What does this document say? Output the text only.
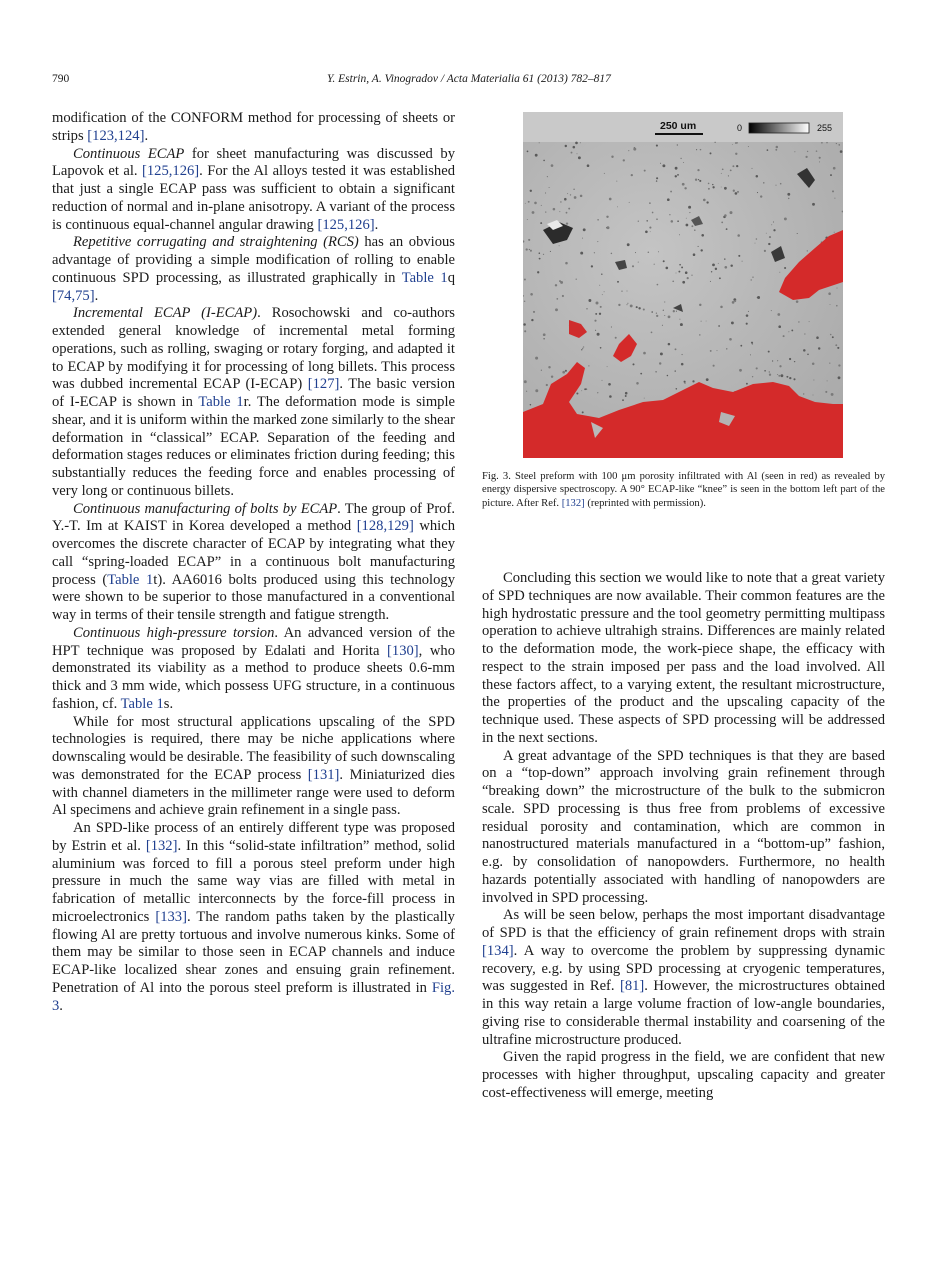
790	Y. Estrin, A. Vinogradov / Acta Materialia 61 (2013) 782–817

modification of the CONFORM method for processing of sheets or strips [123,124].

Continuous ECAP for sheet manufacturing was discussed by Lapovok et al. [125,126]. For the Al alloys tested it was established that just a single ECAP pass was sufficient to obtain a significant reduction of normal and in-plane anisotropy. A variant of the process is continuous equal-channel angular drawing [125,126].

Repetitive corrugating and straightening (RCS) has an obvious advantage of providing a simple modification of rolling to enable continuous SPD processing, as illustrated graphically in Table 1q [74,75].

Incremental ECAP (I-ECAP). Rosochowski and co-authors extended general knowledge of incremental metal forming operations, such as rolling, swaging or rotary forging, and adapted it to ECAP by modifying it for processing of long billets. This process was dubbed incremental ECAP (I-ECAP) [127]. The basic version of I-ECAP is shown in Table 1r. The deformation mode is simple shear, and it is uniform within the marked zone similarly to the shear deformation in “classical” ECAP. Separation of the feeding and deformation stages reduces or eliminates friction during feeding; this substantially reduces the feeding force and enables processing of very long or continuous billets.

Continuous manufacturing of bolts by ECAP. The group of Prof. Y.-T. Im at KAIST in Korea developed a method [128,129] which overcomes the discrete character of ECAP by integrating what they call “spring-loaded ECAP” in a continuous bolt manufacturing process (Table 1t). AA6016 bolts produced using this technology were shown to be superior to those manufactured in a conventional way in terms of their tensile strength and fatigue strength.

Continuous high-pressure torsion. An advanced version of the HPT technique was proposed by Edalati and Horita [130], who demonstrated its viability as a method to produce sheets 0.6-mm thick and 3 mm wide, which possess UFG structure, in a continuous fashion, cf. Table 1s.

While for most structural applications upscaling of the SPD technologies is required, there may be niche applications where downscaling would be desirable. The feasibility of such downscaling was demonstrated for the ECAP process [131]. Miniaturized dies with channel diameters in the millimeter range were used to deform Al specimens and achieve grain refinement in a single pass.

An SPD-like process of an entirely different type was proposed by Estrin et al. [132]. In this “solid-state infiltration” method, solid aluminium was forced to fill a porous steel preform under high pressure in much the same way vias are filled with metal in fabrication of metallic interconnects by the force-fill process in microelectronics [133]. The random paths taken by the plastically flowing Al are pretty tortuous and involve numerous kinks. Some of them may be similar to those seen in ECAP channels and induce ECAP-like localized shear zones and ensuing grain refinement. Penetration of Al into the porous steel preform is illustrated in Fig. 3.

250 um	0	255
Fig. 3. Steel preform with 100 μm porosity infiltrated with Al (seen in red) as revealed by energy dispersive spectroscopy. A 90° ECAP-like “knee” is seen in the bottom left part of the picture. After Ref. [132] (reprinted with permission).

Concluding this section we would like to note that a great variety of SPD techniques are now available. Their common features are the high hydrostatic pressure and the tool geometry permitting multipass operation to achieve ultrahigh strains. Differences are mainly related to the deformation mode, the work-piece shape, the efficacy with respect to the strain imposed per pass and the load involved. All these factors affect, to a varying extent, the resultant microstructure, the properties of the product and the upscaling capacity of the technique used. These aspects of SPD processing will be addressed in the next sections.

A great advantage of the SPD techniques is that they are based on a “top-down” approach involving grain refinement through “breaking down” the microstructure of the bulk to the submicron scale. SPD processing is thus free from problems of excessive residual porosity and contamination, which are common in nanostructured materials manufactured in a “bottom-up” fashion, e.g. by consolidation of nanopowders. Furthermore, no health hazards potentially associated with handling of nanopowders are involved in SPD processing.

As will be seen below, perhaps the most important disadvantage of SPD is that the efficiency of grain refinement drops with strain [134]. A way to overcome the problem by suppressing dynamic recovery, e.g. by using SPD processing at cryogenic temperatures, was suggested in Ref. [81]. However, the microstructures obtained in this way retain a large volume fraction of low-angle boundaries, giving rise to considerable thermal instability and coarsening of the ultrafine microstructure produced.

Given the rapid progress in the field, we are confident that new processes with higher throughput, upscaling capacity and greater cost-effectiveness will emerge, meeting
